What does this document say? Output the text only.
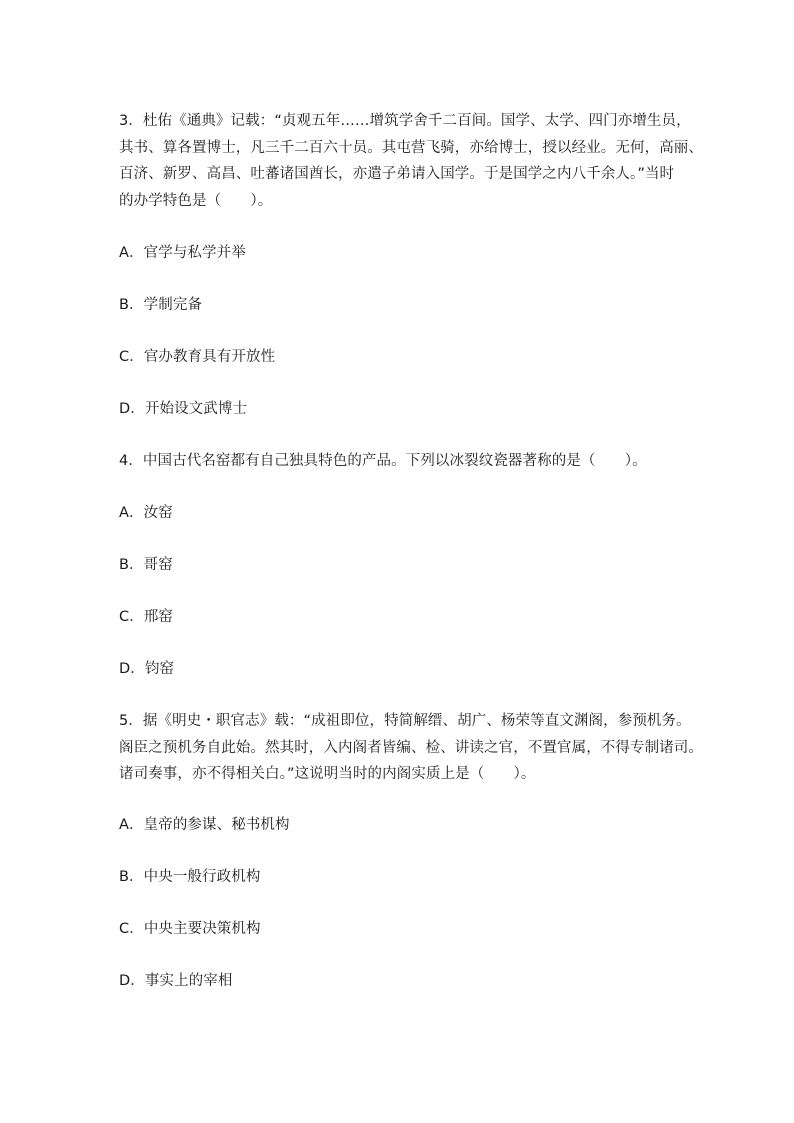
3．杜佑《通典》记载：“贞观五年……增筑学舍千二百间。国学、太学、四门亦增生员，
其书、算各置博士，凡三千二百六十员。其屯营飞骑，亦给博士，授以经业。无何，高丽、
百济、新罗、高昌、吐蕃诸国酋长，亦遣子弟请入国学。于是国学之内八千余人。”当时
的办学特色是（　　）。
A．官学与私学并举
B．学制完备
C．官办教育具有开放性
D．开始设文武博士
4．中国古代名窑都有自己独具特色的产品。下列以冰裂纹瓷器著称的是（　　）。
A．汝窑
B．哥窑
C．邢窑
D．钧窑
5．据《明史・职官志》载：“成祖即位，特简解缙、胡广、杨荣等直文渊阁，参预机务。
阁臣之预机务自此始。然其时，入内阁者皆编、检、讲读之官，不置官属，不得专制诸司。
诸司奏事，亦不得相关白。”这说明当时的内阁实质上是（　　）。
A．皇帝的参谋、秘书机构
B．中央一般行政机构
C．中央主要决策机构
D．事实上的宰相
